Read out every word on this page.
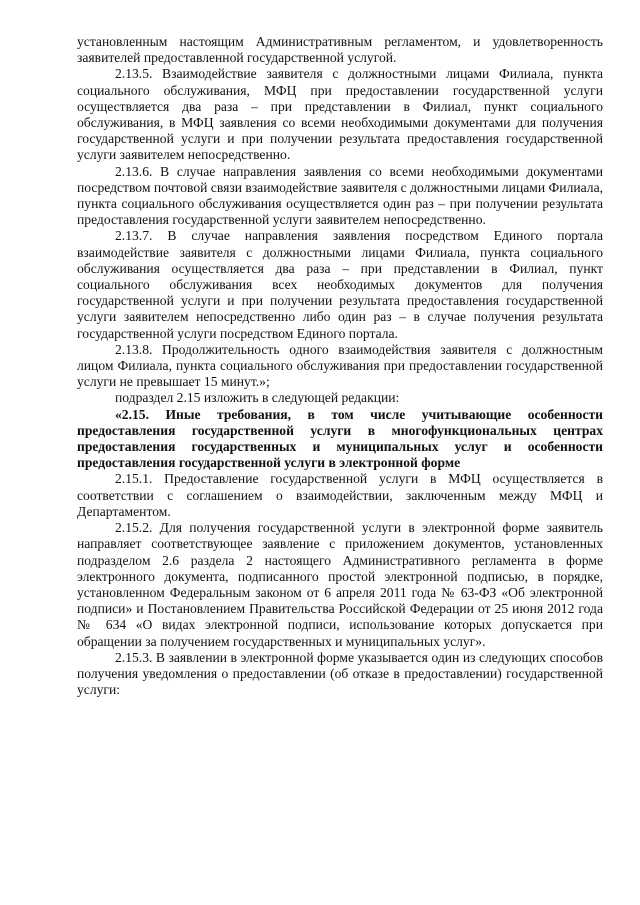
установленным настоящим Административным регламентом, и удовлетворенность заявителей предоставленной государственной услугой.

2.13.5. Взаимодействие заявителя с должностными лицами Филиала, пункта социального обслуживания, МФЦ при предоставлении государственной услуги осуществляется два раза – при представлении в Филиал, пункт социального обслуживания, в МФЦ заявления со всеми необходимыми документами для получения государственной услуги и при получении результата предоставления государственной услуги заявителем непосредственно.

2.13.6. В случае направления заявления со всеми необходимыми документами посредством почтовой связи взаимодействие заявителя с должностными лицами Филиала, пункта социального обслуживания осуществляется один раз – при получении результата предоставления государственной услуги заявителем непосредственно.

2.13.7. В случае направления заявления посредством Единого портала взаимодействие заявителя с должностными лицами Филиала, пункта социального обслуживания осуществляется два раза – при представлении в Филиал, пункт социального обслуживания всех необходимых документов для получения государственной услуги и при получении результата предоставления государственной услуги заявителем непосредственно либо один раз – в случае получения результата государственной услуги посредством Единого портала.

2.13.8. Продолжительность одного взаимодействия заявителя с должностным лицом Филиала, пункта социального обслуживания при предоставлении государственной услуги не превышает 15 минут.»;

подраздел 2.15 изложить в следующей редакции:

«2.15. Иные требования, в том числе учитывающие особенности предоставления государственной услуги в многофункциональных центрах предоставления государственных и муниципальных услуг и особенности предоставления государственной услуги в электронной форме

2.15.1. Предоставление государственной услуги в МФЦ осуществляется в соответствии с соглашением о взаимодействии, заключенным между МФЦ и Департаментом.

2.15.2. Для получения государственной услуги в электронной форме заявитель направляет соответствующее заявление с приложением документов, установленных подразделом 2.6 раздела 2 настоящего Административного регламента в форме электронного документа, подписанного простой электронной подписью, в порядке, установленном Федеральным законом от 6 апреля 2011 года № 63-ФЗ «Об электронной подписи» и Постановлением Правительства Российской Федерации от 25 июня 2012 года № 634 «О видах электронной подписи, использование которых допускается при обращении за получением государственных и муниципальных услуг».

2.15.3. В заявлении в электронной форме указывается один из следующих способов получения уведомления о предоставлении (об отказе в предоставлении) государственной услуги:
